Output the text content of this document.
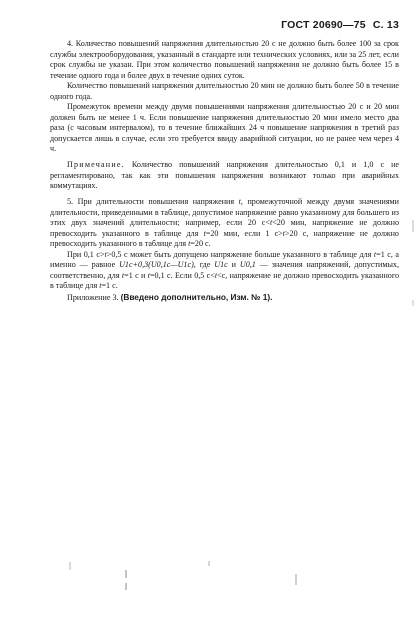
ГОСТ 20690—75 С. 13

4. Количество повышений напряжения длительностью 20 с не должно быть более 100 за срок службы электрооборудования, указанный в стандарте или технических условиях, или за 25 лет, если срок службы не указан. При этом количество повышений напряжения не должно быть более 15 в течение одного года и более двух в течение одних суток.

Количество повышений напряжения длительностью 20 мин не должно быть более 50 в течение одного года.

Промежуток времени между двумя повышениями напряжения длительностью 20 с и 20 мин должен быть не менее 1 ч. Если повышение напряжения длительностью 20 мин имело место два раза (с часовым интервалом), то в течение ближайших 24 ч повышение напряжения в третий раз допускается лишь в случае, если это требуется ввиду аварийной ситуации, но не ранее чем через 4 ч.

Примечание. Количество повышений напряжения длительностью 0,1 и 1,0 с не регламентировано, так как эти повышения напряжения возникают только при аварийных коммутациях.

5. При длительности повышения напряжения t, промежуточной между двумя значениями длительности, приведенными в таблице, допустимое напряжение равно указанному для большего из этих двух значений длительности; например, если 20 c<t<20 мин, напряжение не должно превосходить указанного в таблице для t=20 мин, если 1 c>t>20 с, напряжение не должно превосходить указанного в таблице для t=20 с.

При 0,1 c>t>0,5 с может быть допущено напряжение больше указанного в таблице для t=1 с, а именно — равное U1c+0,3(U0,1c—U1c), где U1c и U0,1 — значения напряжений, допустимых, соответственно, для t=1 с и t=0,1 с. Если 0,5 c<t<c, напряжение не должно превосходить указанного в таблице для t=1 с.

Приложение 3. (Введено дополнительно, Изм. № 1).
